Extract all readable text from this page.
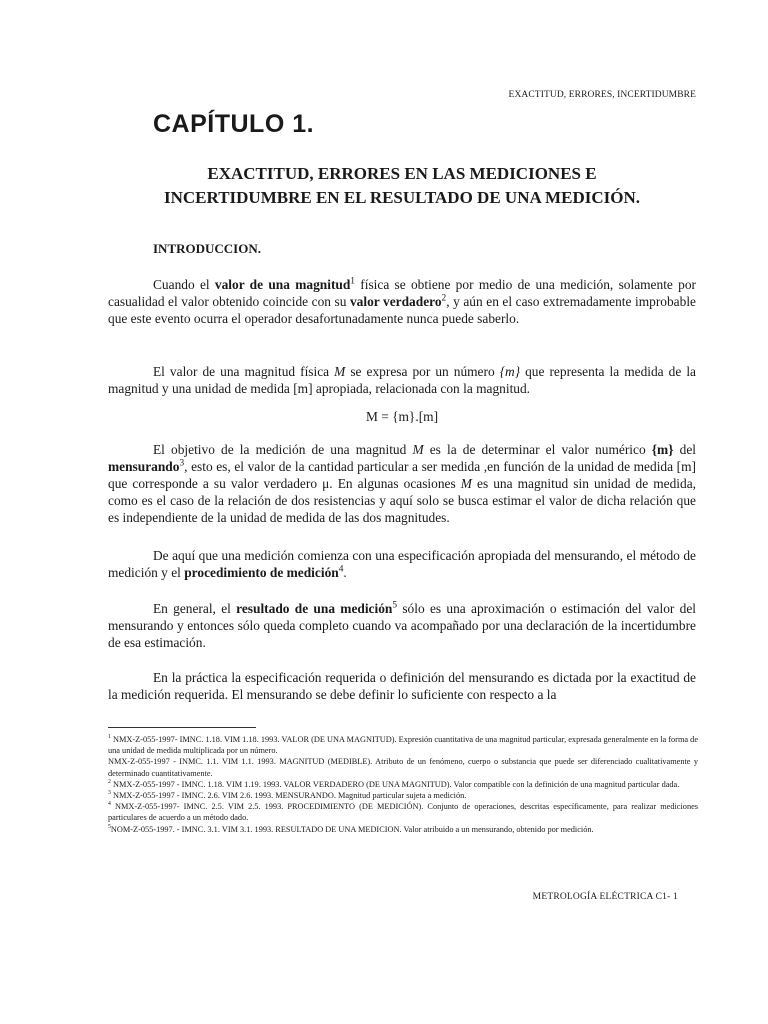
EXACTITUD, ERRORES, INCERTIDUMBRE
CAPÍTULO 1.
EXACTITUD, ERRORES EN LAS MEDICIONES E
INCERTIDUMBRE EN EL RESULTADO DE UNA MEDICIÓN.
INTRODUCCION.

Cuando el valor de una magnitud$^1$ física se obtiene por medio de una medición, solamente por casualidad el valor obtenido coincide con su valor verdadero$^2$, y aún en el caso extremadamente improbable que este evento ocurra el operador desafortunadamente nunca puede saberlo.

El valor de una magnitud física M se expresa por un número {m} que representa la medida de la magnitud y una unidad de medida [m] apropiada, relacionada con la magnitud.

M = {m}.[m]

El objetivo de la medición de una magnitud M es la de determinar el valor numérico {m} del mensurando$^3$, esto es, el valor de la cantidad particular a ser medida ,en función de la unidad de medida [m] que corresponde a su valor verdadero μ. En algunas ocasiones M es una magnitud sin unidad de medida, como es el caso de la relación de dos resistencias y aquí solo se busca estimar el valor de dicha relación que es independiente de la unidad de medida de las dos magnitudes.

De aquí que una medición comienza con una especificación apropiada del mensurando, el método de medición y el procedimiento de medición$^4$.

En general, el resultado de una medición$^5$ sólo es una aproximación o estimación del valor del mensurando y entonces sólo queda completo cuando va acompañado por una declaración de la incertidumbre de esa estimación.

En la práctica la especificación requerida o definición del mensurando es dictada por la exactitud de la medición requerida. El mensurando se debe definir lo suficiente con respecto a la

$^1$ NMX-Z-055-1997- IMNC. 1.18. VIM 1.18. 1993. VALOR (DE UNA MAGNITUD). Expresión cuantitativa de una magnitud particular, expresada generalmente en la forma de una unidad de medida multiplicada por un número.
NMX-Z-055-1997 - INMC. 1.1. VIM 1.1. 1993. MAGNITUD (MEDIBLE). Atributo de un fenómeno, cuerpo o substancia que puede ser diferenciado cualitativamente y determinado cuantitativamente.
$^2$ NMX-Z-055-1997 - IMNC. 1.18. VIM 1.19. 1993. VALOR VERDADERO (DE UNA MAGNITUD). Valor compatible con la definición de una magnitud particular dada.
$^3$ NMX-Z-055-1997 - IMNC. 2.6. VIM 2.6. 1993. MENSURANDO. Magnitud particular sujeta a medición.
$^4$ NMX-Z-055-1997- IMNC. 2.5. VIM 2.5. 1993. PROCEDIMIENTO (DE MEDICIÓN). Conjunto de operaciones, descritas específicamente, para realizar mediciones particulares de acuerdo a un método dado.
$^5$NOM-Z-055-1997. - IMNC. 3.1. VIM 3.1. 1993. RESULTADO DE UNA MEDICION. Valor atribuido a un mensurando, obtenido por medición.
METROLOGÍA ELÉCTRICA C1- 1
